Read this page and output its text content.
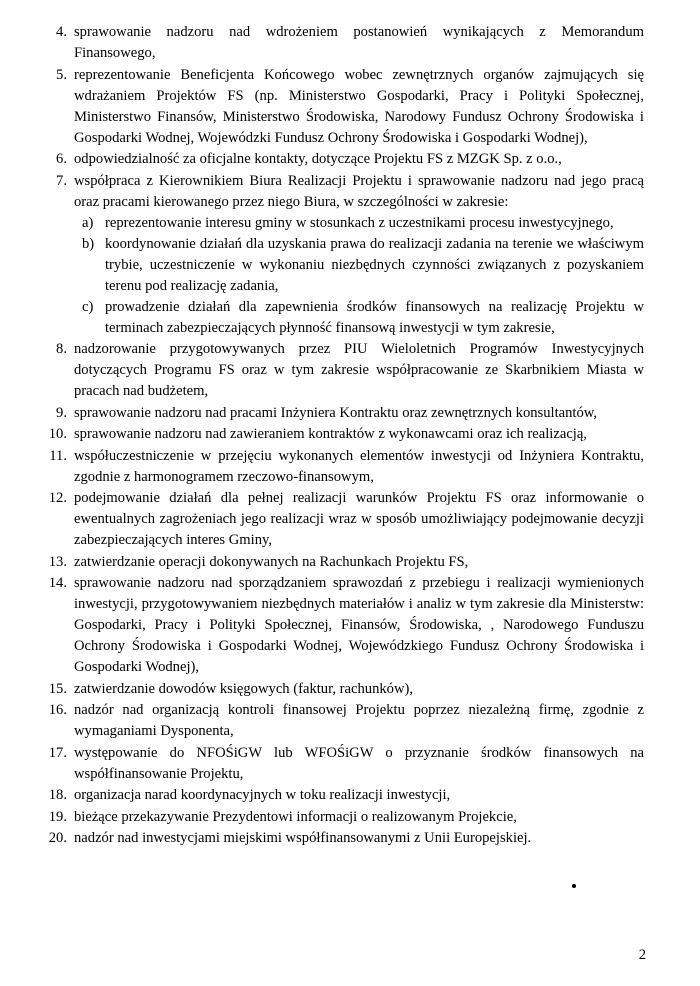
4. sprawowanie nadzoru nad wdrożeniem postanowień wynikających z Memorandum Finansowego,
5. reprezentowanie Beneficjenta Końcowego wobec zewnętrznych organów zajmujących się wdrażaniem Projektów FS (np. Ministerstwo Gospodarki, Pracy i Polityki Społecznej, Ministerstwo Finansów, Ministerstwo Środowiska, Narodowy Fundusz Ochrony Środowiska i Gospodarki Wodnej, Wojewódzki Fundusz Ochrony Środowiska i Gospodarki Wodnej),
6. odpowiedzialność za oficjalne kontakty, dotyczące Projektu FS z MZGK Sp. z o.o.,
7. współpraca z Kierownikiem Biura Realizacji Projektu i sprawowanie nadzoru nad jego pracą oraz pracami kierowanego przez niego Biura, w szczególności w zakresie:
a) reprezentowanie interesu gminy w stosunkach z uczestnikami procesu inwestycyjnego,
b) koordynowanie działań dla uzyskania prawa do realizacji zadania na terenie we właściwym trybie, uczestniczenie w wykonaniu niezbędnych czynności związanych z pozyskaniem terenu pod realizację zadania,
c) prowadzenie działań dla zapewnienia środków finansowych na realizację Projektu w terminach zabezpieczających płynność finansową inwestycji w tym zakresie,
8. nadzorowanie przygotowywanych przez PIU Wieloletnich Programów Inwestycyjnych dotyczących Programu FS oraz w tym zakresie współpracowanie ze Skarbnikiem Miasta w pracach nad budżetem,
9. sprawowanie nadzoru nad pracami Inżyniera Kontraktu oraz zewnętrznych konsultantów,
10. sprawowanie nadzoru nad zawieraniem kontraktów z wykonawcami oraz ich realizacją,
11. współuczestniczenie w przejęciu wykonanych elementów inwestycji od Inżyniera Kontraktu, zgodnie z harmonogramem rzeczowo-finansowym,
12. podejmowanie działań dla pełnej realizacji warunków Projektu FS oraz informowanie o ewentualnych zagrożeniach jego realizacji wraz w sposób umożliwiający podejmowanie decyzji zabezpieczających interes Gminy,
13. zatwierdzanie operacji dokonywanych na Rachunkach Projektu FS,
14. sprawowanie nadzoru nad sporządzaniem sprawozdań z przebiegu i realizacji wymienionych inwestycji, przygotowywaniem niezbędnych materiałów i analiz w tym zakresie dla Ministerstw: Gospodarki, Pracy i Polityki Społecznej, Finansów, Środowiska, , Narodowego Funduszu Ochrony Środowiska i Gospodarki Wodnej, Wojewódzkiego Fundusz Ochrony Środowiska i Gospodarki Wodnej),
15. zatwierdzanie dowodów księgowych (faktur, rachunków),
16. nadzór nad organizacją kontroli finansowej Projektu poprzez niezależną firmę, zgodnie z wymaganiami Dysponenta,
17. występowanie do NFOŚiGW lub WFOŚiGW o przyznanie środków finansowych na współfinansowanie Projektu,
18. organizacja narad koordynacyjnych w toku realizacji inwestycji,
19. bieżące przekazywanie Prezydentowi informacji o realizowanym Projekcie,
20. nadzór nad inwestycjami miejskimi współfinansowanymi z Unii Europejskiej.
2
